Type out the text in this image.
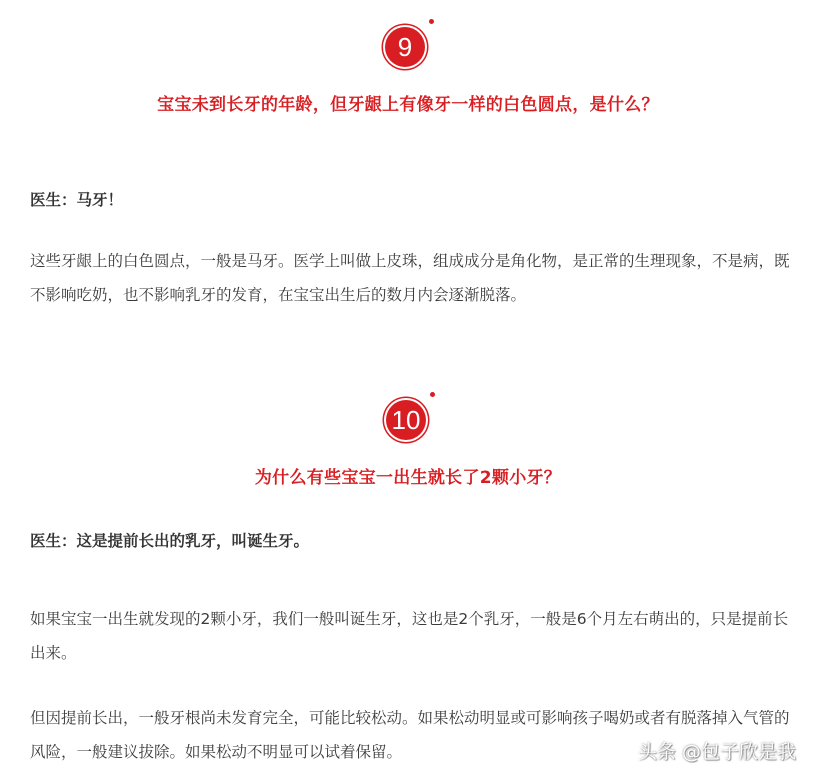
9
宝宝未到长牙的年龄，但牙龈上有像牙一样的白色圆点，是什么？
医生：马牙！
这些牙龈上的白色圆点，一般是马牙。医学上叫做上皮珠，组成成分是角化物，是正常的生理现象，不是病，既不影响吃奶，也不影响乳牙的发育，在宝宝出生后的数月内会逐渐脱落。
10
为什么有些宝宝一出生就长了2颗小牙？
医生：这是提前长出的乳牙，叫诞生牙。
如果宝宝一出生就发现的2颗小牙，我们一般叫诞生牙，这也是2个乳牙，一般是6个月左右萌出的，只是提前长出来。
但因提前长出，一般牙根尚未发育完全，可能比较松动。如果松动明显或可影响孩子喝奶或者有脱落掉入气管的风险，一般建议拔除。如果松动不明显可以试着保留。	头条 @包子欣是我
